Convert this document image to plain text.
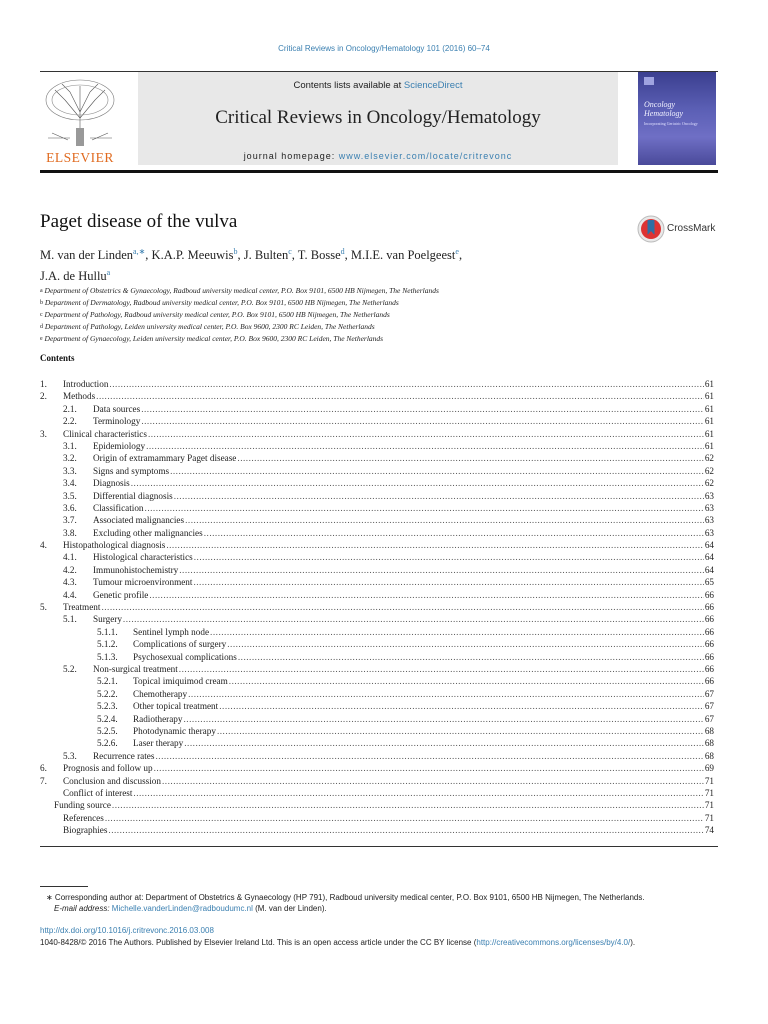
Critical Reviews in Oncology/Hematology 101 (2016) 60–74
ELSEVIER
Contents lists available at ScienceDirect
Critical Reviews in Oncology/Hematology
journal homepage: www.elsevier.com/locate/critrevonc
Oncology
Hematology
Incorporating Geriatric Oncology
Paget disease of the vulva	CrossMark
M. van der Linden$^{a,∗}$, K.A.P. Meeuwis$^b$, J. Bulten$^c$, T. Bosse$^d$, M.I.E. van Poelgeest$^e$,
J.A. de Hullu$^a$
a Department of Obstetrics & Gynaecology, Radboud university medical center, P.O. Box 9101, 6500 HB Nijmegen, The Netherlands
b Department of Dermatology, Radboud university medical center, P.O. Box 9101, 6500 HB Nijmegen, The Netherlands
c Department of Pathology, Radboud university medical center, P.O. Box 9101, 6500 HB Nijmegen, The Netherlands
d Department of Pathology, Leiden university medical center, P.O. Box 9600, 2300 RC Leiden, The Netherlands
e Department of Gynaecology, Leiden university medical center, P.O. Box 9600, 2300 RC Leiden, The Netherlands
Contents
1.	Introduction .....	61
2.	Methods .....	61
2.1.	Data sources .....	61
2.2.	Terminology .....	61
3.	Clinical characteristics .....	61
3.1.	Epidemiology .....	61
3.2.	Origin of extramammary Paget disease .....	62
3.3.	Signs and symptoms .....	62
3.4.	Diagnosis .....	62
3.5.	Differential diagnosis .....	63
3.6.	Classification .....	63
3.7.	Associated malignancies .....	63
3.8.	Excluding other malignancies .....	63
4.	Histopathological diagnosis .....	64
4.1.	Histological characteristics .....	64
4.2.	Immunohistochemistry .....	64
4.3.	Tumour microenvironment .....	65
4.4.	Genetic profile .....	66
5.	Treatment .....	66
5.1.	Surgery .....	66
5.1.1.	Sentinel lymph node .....	66
5.1.2.	Complications of surgery .....	66
5.1.3.	Psychosexual complications .....	66
5.2.	Non-surgical treatment .....	66
5.2.1.	Topical imiquimod cream .....	66
5.2.2.	Chemotherapy .....	67
5.2.3.	Other topical treatment .....	67
5.2.4.	Radiotherapy .....	67
5.2.5.	Photodynamic therapy .....	68
5.2.6.	Laser therapy .....	68
5.3.	Recurrence rates .....	68
6.	Prognosis and follow up .....	69
7.	Conclusion and discussion .....	71
Conflict of interest .....	71
Funding source .....	71
References .....	71
Biographies .....	74
∗ Corresponding author at: Department of Obstetrics & Gynaecology (HP 791), Radboud university medical center, P.O. Box 9101, 6500 HB Nijmegen, The Netherlands.
E-mail address: Michelle.vanderLinden@radboudumc.nl (M. van der Linden).
http://dx.doi.org/10.1016/j.critrevonc.2016.03.008
1040-8428/© 2016 The Authors. Published by Elsevier Ireland Ltd. This is an open access article under the CC BY license (http://creativecommons.org/licenses/by/4.0/).
